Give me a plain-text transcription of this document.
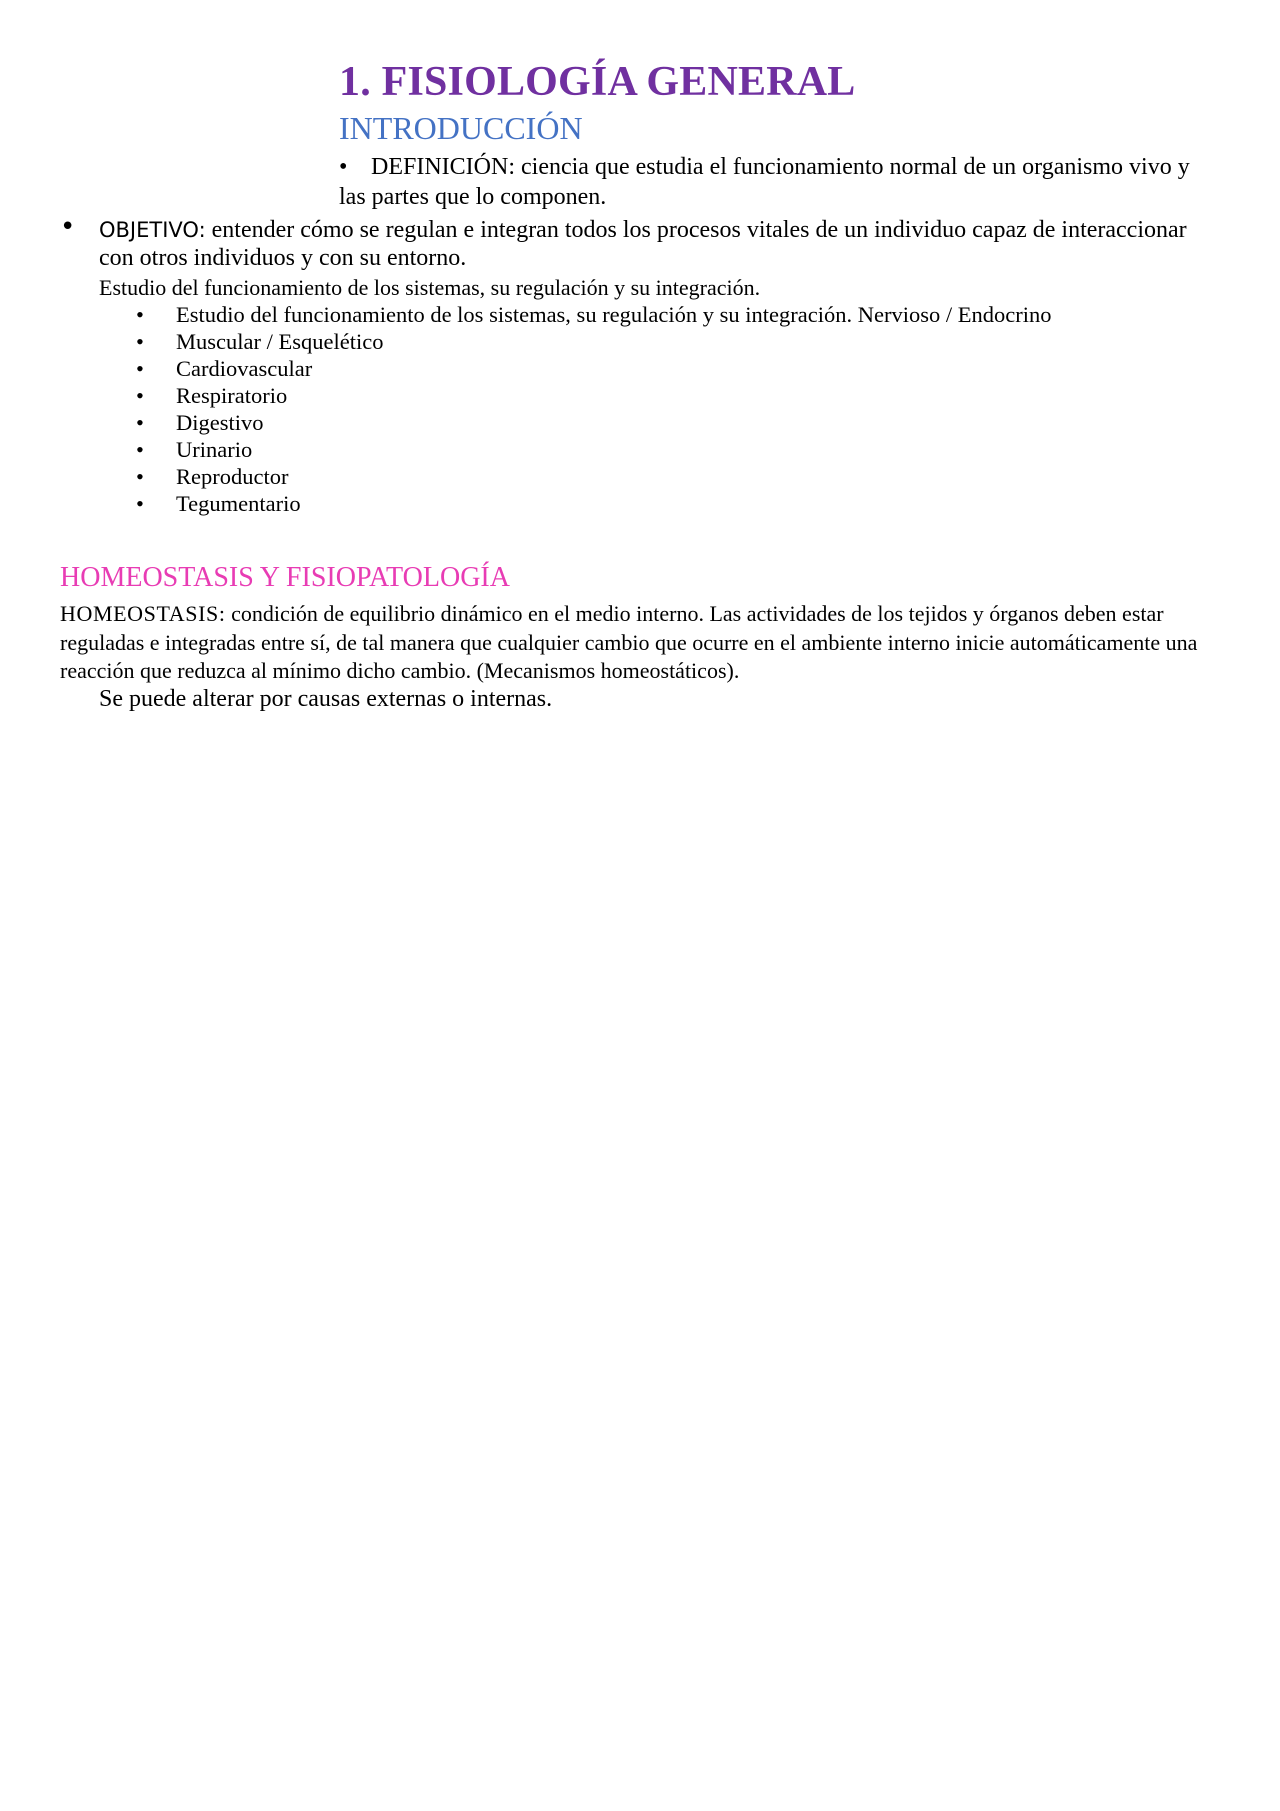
1. FISIOLOGÍA GENERAL
INTRODUCCIÓN
• DEFINICIÓN: ciencia que estudia el funcionamiento normal de un organismo vivo y las partes que lo componen.
• OBJETIVO: entender cómo se regulan e integran todos los procesos vitales de un individuo capaz de interaccionar con otros individuos y con su entorno.
Estudio del funcionamiento de los sistemas, su regulación y su integración.
• Estudio del funcionamiento de los sistemas, su regulación y su integración. Nervioso / Endocrino
• Muscular / Esquelético
• Cardiovascular
• Respiratorio
• Digestivo
• Urinario
• Reproductor
• Tegumentario
HOMEOSTASIS Y FISIOPATOLOGÍA
HOMEOSTASIS: condición de equilibrio dinámico en el medio interno. Las actividades de los tejidos y órganos deben estar reguladas e integradas entre sí, de tal manera que cualquier cambio que ocurre en el ambiente interno inicie automáticamente una reacción que reduzca al mínimo dicho cambio. (Mecanismos homeostáticos).
Se puede alterar por causas externas o internas.
